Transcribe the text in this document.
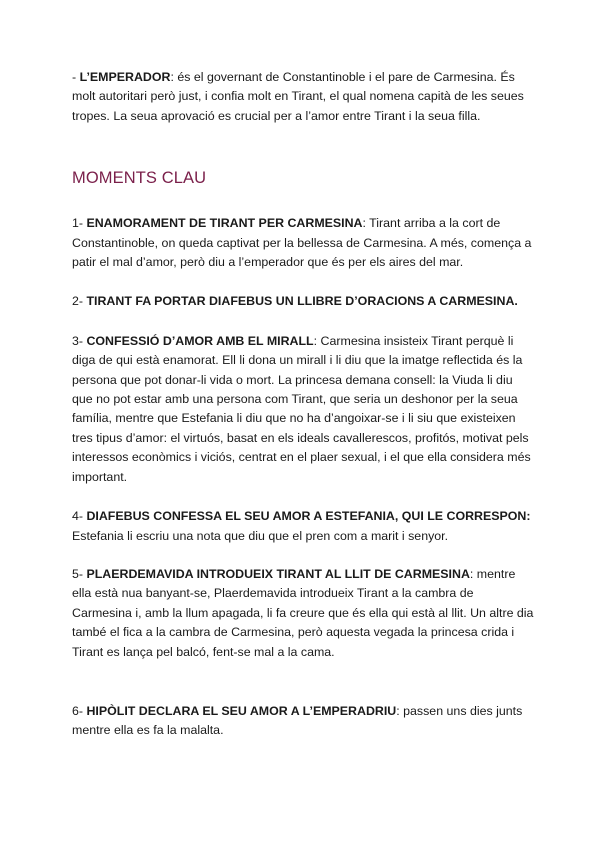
- L’EMPERADOR: és el governant de Constantinoble i el pare de Carmesina. És molt autoritari però just, i confia molt en Tirant, el qual nomena capità de les seues tropes. La seua aprovació es crucial per a l’amor entre Tirant i la seua filla.

MOMENTS CLAU

1- ENAMORAMENT DE TIRANT PER CARMESINA: Tirant arriba a la cort de Constantinoble, on queda captivat per la bellessa de Carmesina. A més, comença a patir el mal d’amor, però diu a l’emperador que és per els aires del mar.

2- TIRANT FA PORTAR DIAFEBUS UN LLIBRE D’ORACIONS A CARMESINA.

3- CONFESSIÓ D’AMOR AMB EL MIRALL: Carmesina insisteix Tirant perquè li diga de qui està enamorat. Ell li dona un mirall i li diu que la imatge reflectida és la persona que pot donar-li vida o mort. La princesa demana consell: la Viuda li diu que no pot estar amb una persona com Tirant, que seria un deshonor per la seua família, mentre que Estefania li diu que no ha d’angoixar-se i li siu que existeixen tres tipus d’amor: el virtuós, basat en els ideals cavallerescos, profitós, motivat pels interessos econòmics i viciós, centrat en el plaer sexual, i el que ella considera més important.

4- DIAFEBUS CONFESSA EL SEU AMOR A ESTEFANIA, QUI LE CORRESPON: Estefania li escriu una nota que diu que el pren com a marit i senyor.

5- PLAERDEMAVIDA INTRODUEIX TIRANT AL LLIT DE CARMESINA: mentre ella està nua banyant-se, Plaerdemavida introdueix Tirant a la cambra de Carmesina i, amb la llum apagada, li fa creure que és ella qui està al llit. Un altre dia també el fica a la cambra de Carmesina, però aquesta vegada la princesa crida i Tirant es lança pel balcó, fent-se mal a la cama.

6- HIPÒLIT DECLARA EL SEU AMOR A L’EMPERADRIU: passen uns dies junts mentre ella es fa la malalta.
